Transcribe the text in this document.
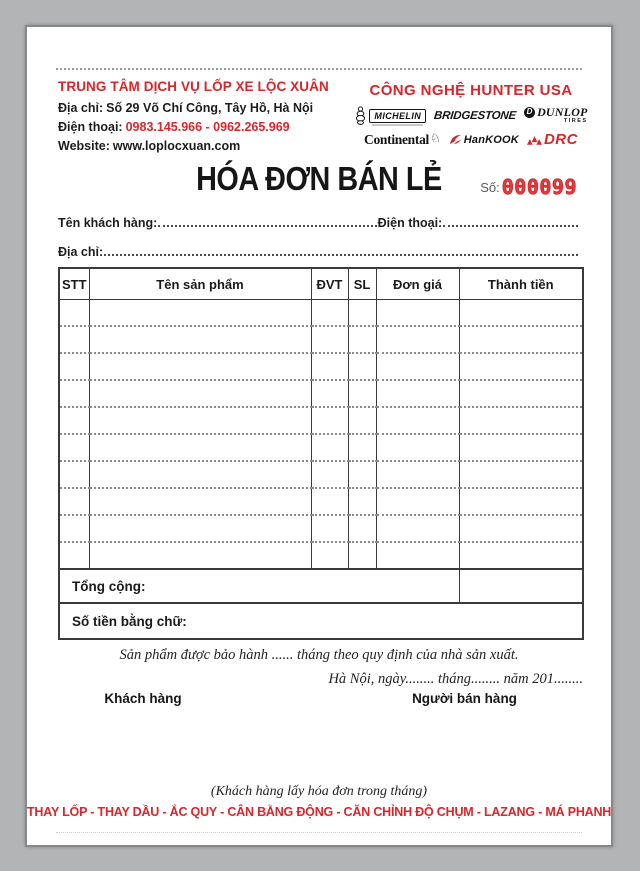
TRUNG TÂM DỊCH VỤ LỐP XE LỘC XUÂN
Địa chỉ: Số 29 Võ Chí Công, Tây Hồ, Hà Nội
Điện thoại: 0983.145.966 - 0962.265.969
Website: www.loplocxuan.com
CÔNG NGHỆ HUNTER USA
MICHELIN	BRIDGESTONE	D DUNLOP
TIRES
Continental ♘ HanKOOK DRC
HÓA ĐƠN BÁN LẺ	Số: 000099
Tên khách hàng:	Điện thoại:
Địa chỉ:
STT	Tên sản phẩm	ĐVT	SL	Đơn giá	Thành tiền

Tổng cộng:					
Số tiền bằng chữ:					
Sản phẩm được bảo hành ...... tháng theo quy định của nhà sản xuất.
Hà Nội, ngày........ tháng........ năm 201........
Khách hàng	Người bán hàng
(Khách hàng lấy hóa đơn trong tháng)
THAY LỐP - THAY DẦU - ẮC QUY - CÂN BẰNG ĐỘNG - CĂN CHỈNH ĐỘ CHỤM - LAZANG - MÁ PHANH
